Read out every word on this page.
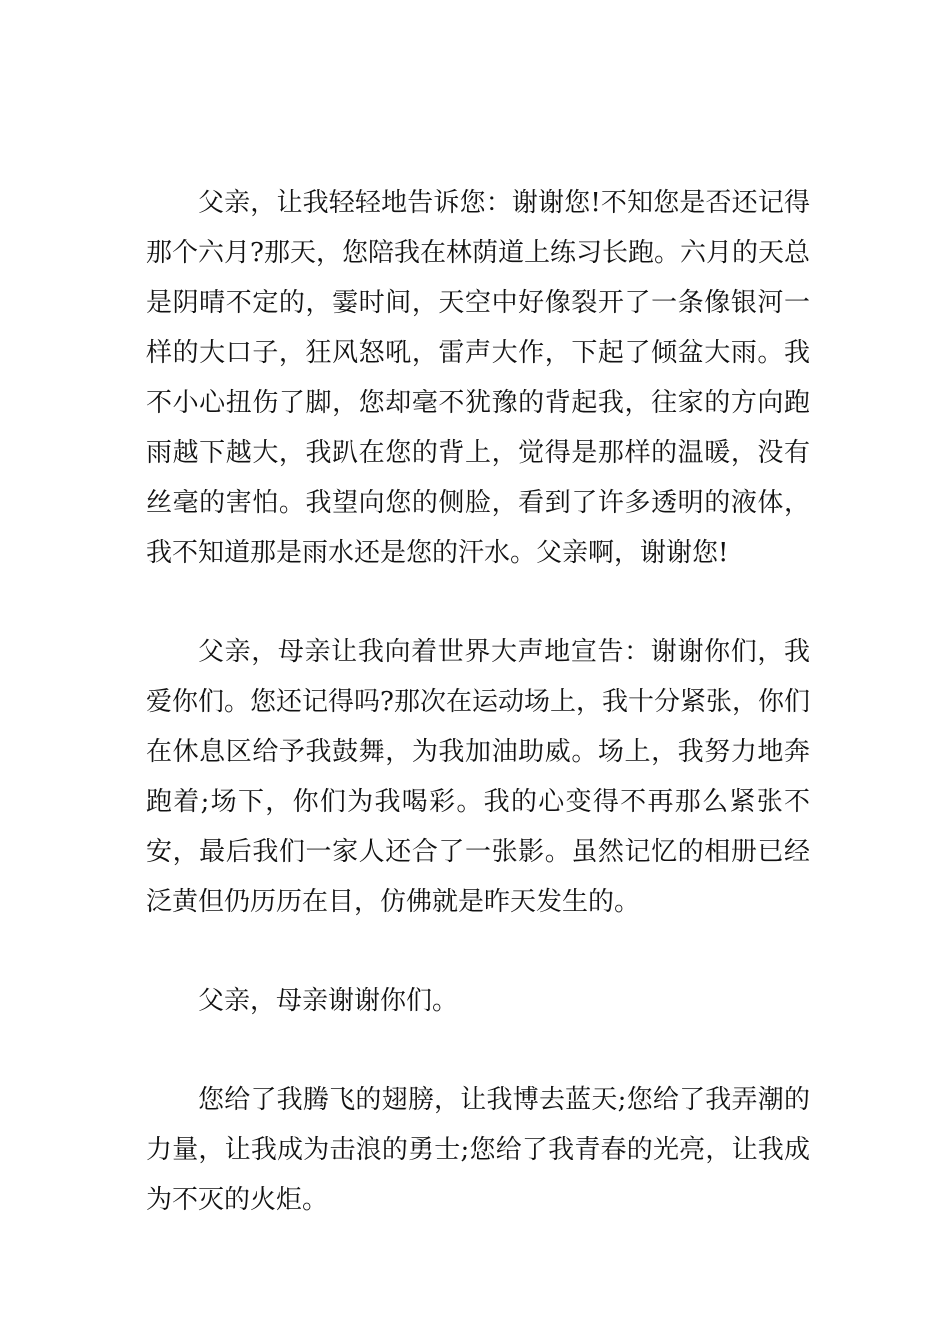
父亲，让我轻轻地告诉您：谢谢您!不知您是否还记得那个六月?那天，您陪我在林荫道上练习长跑。六月的天总是阴晴不定的，霎时间，天空中好像裂开了一条像银河一样的大口子，狂风怒吼，雷声大作，下起了倾盆大雨。我不小心扭伤了脚，您却毫不犹豫的背起我，往家的方向跑雨越下越大，我趴在您的背上，觉得是那样的温暖，没有丝毫的害怕。我望向您的侧脸，看到了许多透明的液体，我不知道那是雨水还是您的汗水。父亲啊，谢谢您!

父亲，母亲让我向着世界大声地宣告：谢谢你们，我爱你们。您还记得吗?那次在运动场上，我十分紧张，你们在休息区给予我鼓舞，为我加油助威。场上，我努力地奔跑着;场下，你们为我喝彩。我的心变得不再那么紧张不安，最后我们一家人还合了一张影。虽然记忆的相册已经泛黄但仍历历在目，仿佛就是昨天发生的。

父亲，母亲谢谢你们。

您给了我腾飞的翅膀，让我博去蓝天;您给了我弄潮的力量，让我成为击浪的勇士;您给了我青春的光亮，让我成为不灭的火炬。
